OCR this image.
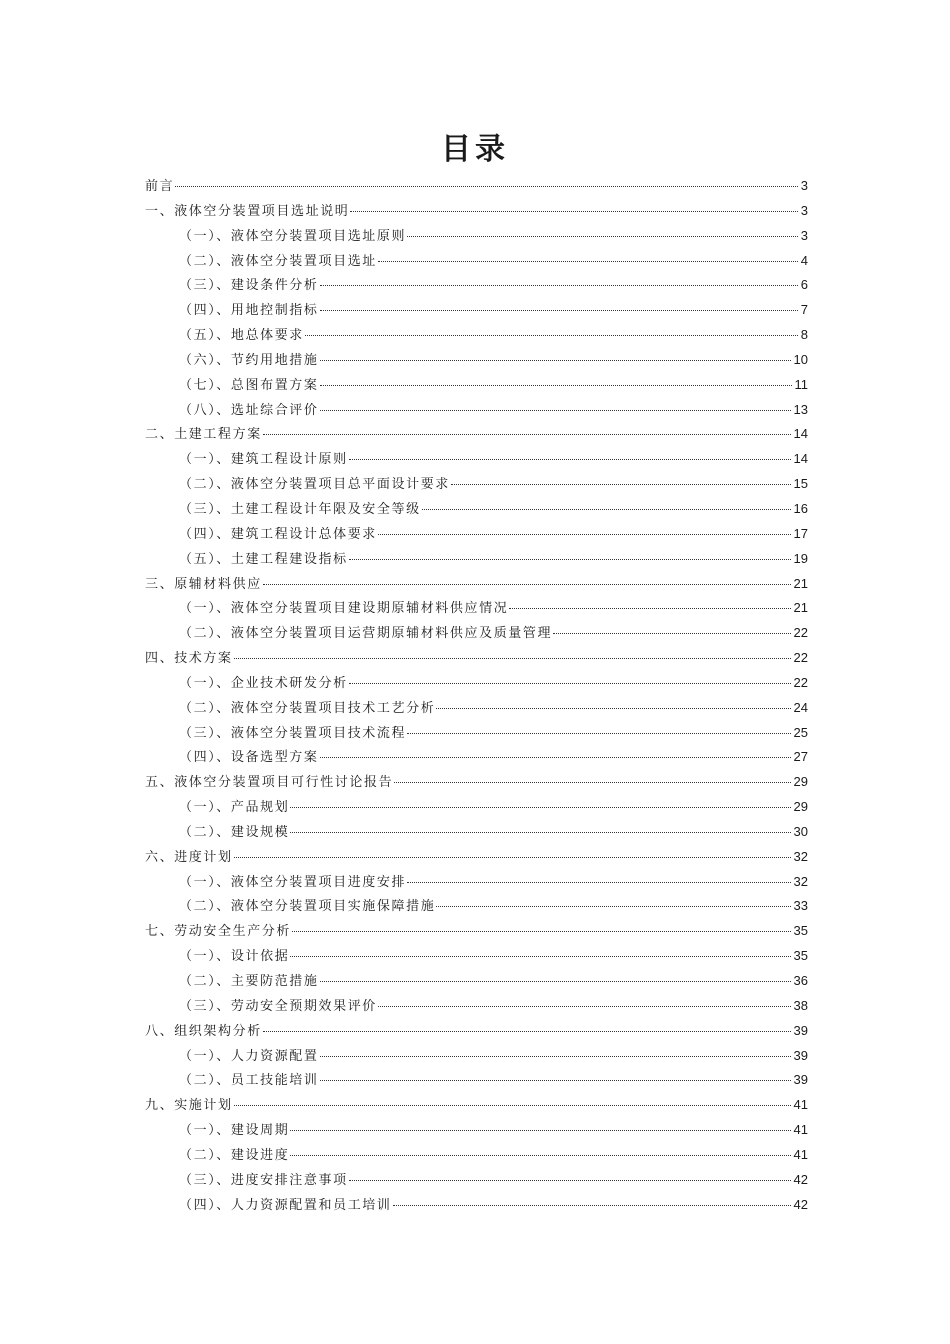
目录
前言	3
一、液体空分装置项目选址说明	3
（一）、液体空分装置项目选址原则	3
（二）、液体空分装置项目选址	4
（三）、建设条件分析	6
（四）、用地控制指标	7
（五）、地总体要求	8
（六）、节约用地措施	10
（七）、总图布置方案	11
（八）、选址综合评价	13
二、土建工程方案	14
（一）、建筑工程设计原则	14
（二）、液体空分装置项目总平面设计要求	15
（三）、土建工程设计年限及安全等级	16
（四）、建筑工程设计总体要求	17
（五）、土建工程建设指标	19
三、原辅材料供应	21
（一）、液体空分装置项目建设期原辅材料供应情况	21
（二）、液体空分装置项目运营期原辅材料供应及质量管理	22
四、技术方案	22
（一）、企业技术研发分析	22
（二）、液体空分装置项目技术工艺分析	24
（三）、液体空分装置项目技术流程	25
（四）、设备选型方案	27
五、液体空分装置项目可行性讨论报告	29
（一）、产品规划	29
（二）、建设规模	30
六、进度计划	32
（一）、液体空分装置项目进度安排	32
（二）、液体空分装置项目实施保障措施	33
七、劳动安全生产分析	35
（一）、设计依据	35
（二）、主要防范措施	36
（三）、劳动安全预期效果评价	38
八、组织架构分析	39
（一）、人力资源配置	39
（二）、员工技能培训	39
九、实施计划	41
（一）、建设周期	41
（二）、建设进度	41
（三）、进度安排注意事项	42
（四）、人力资源配置和员工培训	42
